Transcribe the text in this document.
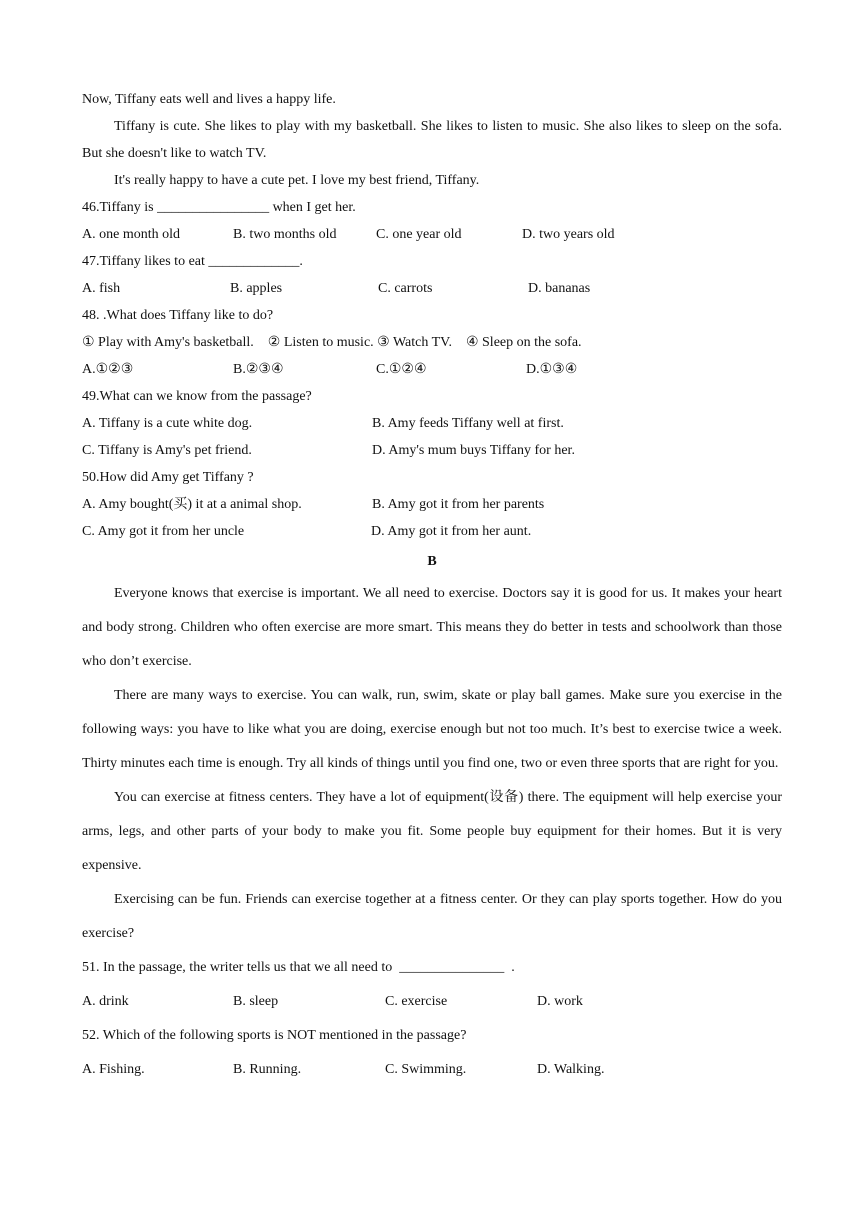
Now, Tiffany eats well and lives a happy life.
Tiffany is cute. She likes to play with my basketball. She likes to listen to music. She also likes to sleep on the sofa. But she doesn't like to watch TV.
It's really happy to have a cute pet. I love my best friend, Tiffany.
46.Tiffany is ________________ when I get her.
A. one month old	B. two months old	C. one year old	D. two years old
47.Tiffany likes to eat _____________.
A. fish	B. apples	C. carrots	D. bananas
48. .What does Tiffany like to do?
① Play with Amy's basketball.    ② Listen to music. ③ Watch TV.    ④ Sleep on the sofa.
A.①②③	B.②③④	C.①②④	D.①③④
49.What can we know from the passage?
A. Tiffany is a cute white dog.	B. Amy feeds Tiffany well at first.
C. Tiffany is Amy's pet friend.	D. Amy's mum buys Tiffany for her.
50.How did Amy get Tiffany ?
A. Amy bought(买) it at a animal shop.	B. Amy got it from her parents
C. Amy got it from her uncle	D. Amy got it from her aunt.
B
Everyone knows that exercise is important. We all need to exercise. Doctors say it is good for us. It makes your heart and body strong. Children who often exercise are more smart. This means they do better in tests and schoolwork than those who don’t exercise.
There are many ways to exercise. You can walk, run, swim, skate or play ball games. Make sure you exercise in the following ways: you have to like what you are doing, exercise enough but not too much. It’s best to exercise twice a week. Thirty minutes each time is enough. Try all kinds of things until you find one, two or even three sports that are right for you.
You can exercise at fitness centers. They have a lot of equipment(设备) there. The equipment will help exercise your arms, legs, and other parts of your body to make you fit. Some people buy equipment for their homes. But it is very expensive.
Exercising can be fun. Friends can exercise together at a fitness center. Or they can play sports together. How do you exercise?
51. In the passage, the writer tells us that we all need to  _______________  .
A. drink	B. sleep	C. exercise	D. work
52. Which of the following sports is NOT mentioned in the passage?
A. Fishing.	B. Running.	C. Swimming.	D. Walking.
